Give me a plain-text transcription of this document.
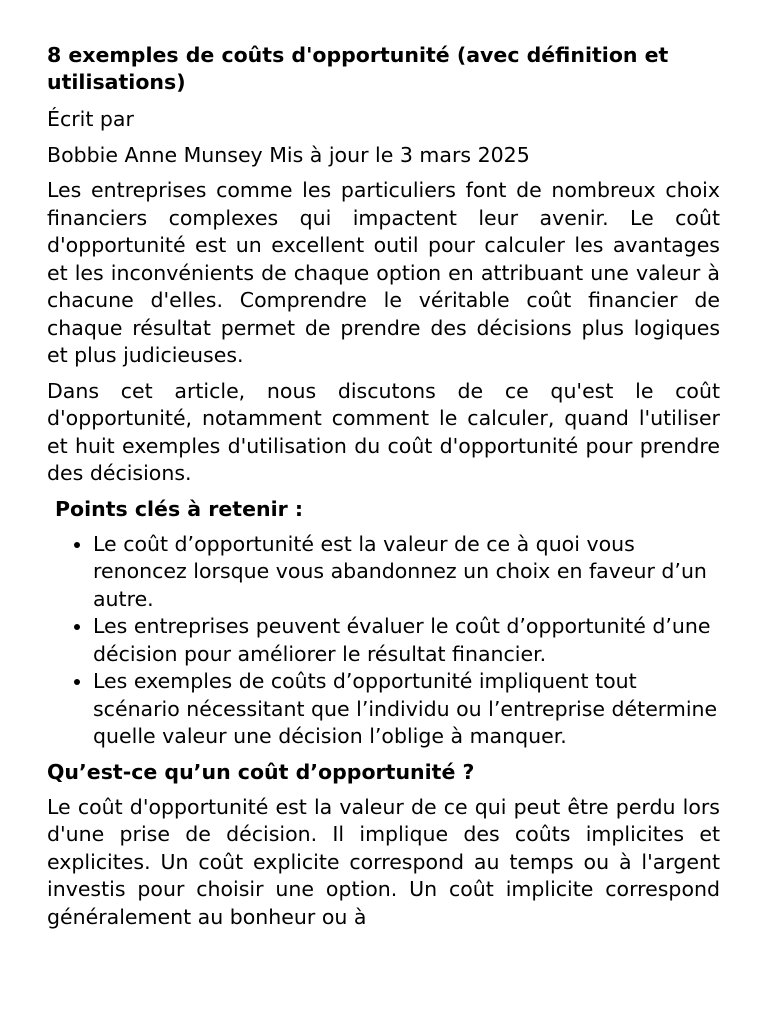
8 exemples de coûts d'opportunité (avec définition et utilisations)

Écrit par

Bobbie Anne Munsey Mis à jour le 3 mars 2025

Les entreprises comme les particuliers font de nombreux choix financiers complexes qui impactent leur avenir. Le coût d'opportunité est un excellent outil pour calculer les avantages et les inconvénients de chaque option en attribuant une valeur à chacune d'elles. Comprendre le véritable coût financier de chaque résultat permet de prendre des décisions plus logiques et plus judicieuses.

Dans cet article, nous discutons de ce qu'est le coût d'opportunité, notamment comment le calculer, quand l'utiliser et huit exemples d'utilisation du coût d'opportunité pour prendre des décisions.

Points clés à retenir :
• Le coût d’opportunité est la valeur de ce à quoi vous renoncez lorsque vous abandonnez un choix en faveur d’un autre.
• Les entreprises peuvent évaluer le coût d’opportunité d’une décision pour améliorer le résultat financier.
• Les exemples de coûts d’opportunité impliquent tout scénario nécessitant que l’individu ou l’entreprise détermine quelle valeur une décision l’oblige à manquer.
Qu’est-ce qu’un coût d’opportunité ?

Le coût d'opportunité est la valeur de ce qui peut être perdu lors d'une prise de décision. Il implique des coûts implicites et explicites. Un coût explicite correspond au temps ou à l'argent investis pour choisir une option. Un coût implicite correspond généralement au bonheur ou à
